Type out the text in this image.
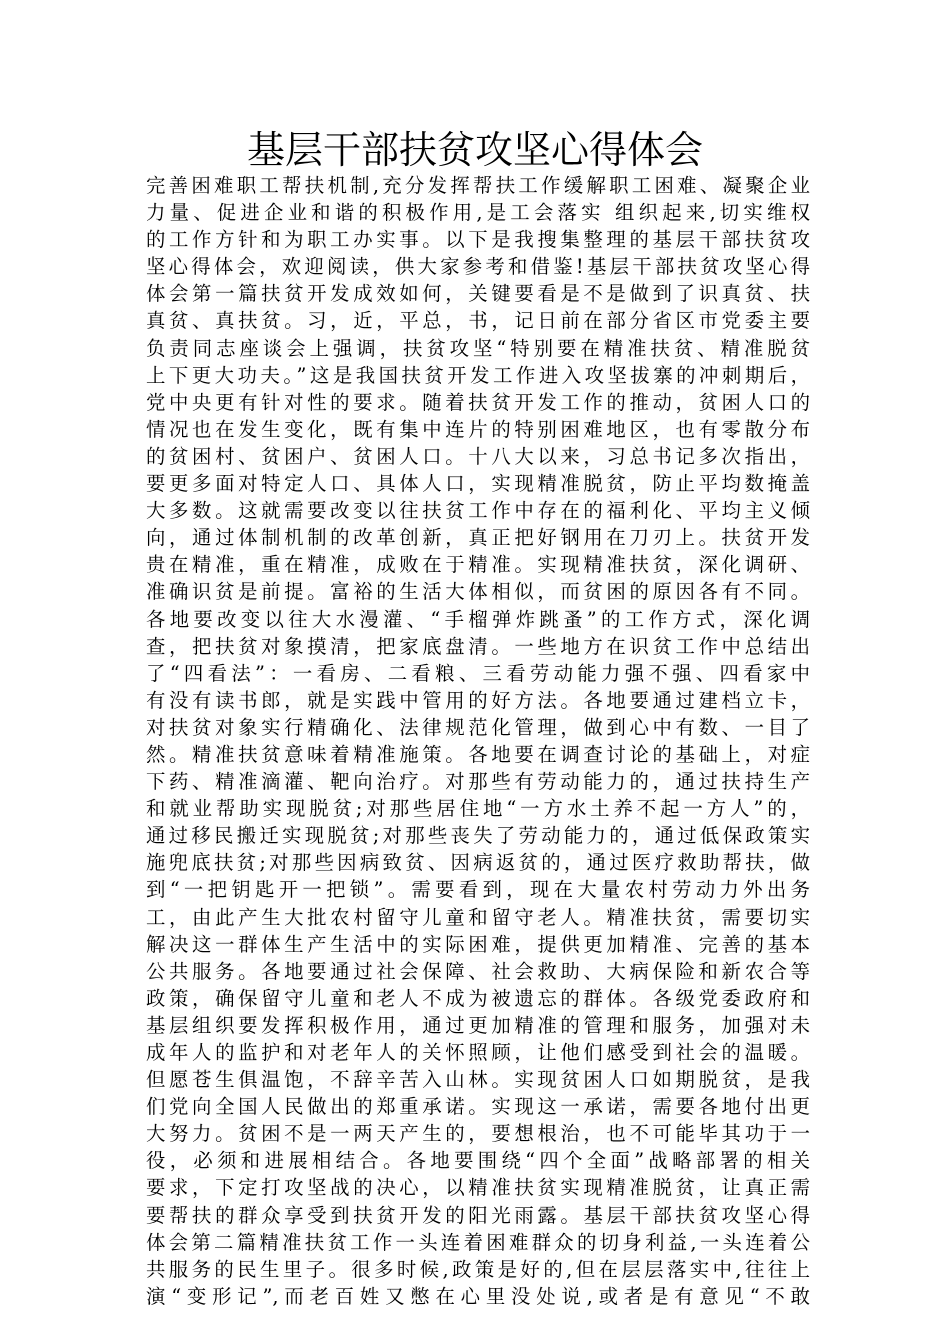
基层干部扶贫攻坚心得体会
完善困难职工帮扶机制,充分发挥帮扶工作缓解职工困难、凝聚企业
力量、促进企业和谐的积极作用,是工会落实 组织起来,切实维权
的工作方针和为职工办实事。以下是我搜集整理的基层干部扶贫攻
坚心得体会，欢迎阅读，供大家参考和借鉴!基层干部扶贫攻坚心得
体会第一篇扶贫开发成效如何，关键要看是不是做到了识真贫、扶
真贫、真扶贫。习，近，平总，书，记日前在部分省区市党委主要
负责同志座谈会上强调，扶贫攻坚“特别要在精准扶贫、精准脱贫
上下更大功夫。”这是我国扶贫开发工作进入攻坚拔寨的冲刺期后，
党中央更有针对性的要求。随着扶贫开发工作的推动，贫困人口的
情况也在发生变化，既有集中连片的特别困难地区，也有零散分布
的贫困村、贫困户、贫困人口。十八大以来，习总书记多次指出，
要更多面对特定人口、具体人口，实现精准脱贫，防止平均数掩盖
大多数。这就需要改变以往扶贫工作中存在的福利化、平均主义倾
向，通过体制机制的改革创新，真正把好钢用在刀刃上。扶贫开发
贵在精准，重在精准，成败在于精准。实现精准扶贫，深化调研、
准确识贫是前提。富裕的生活大体相似，而贫困的原因各有不同。
各地要改变以往大水漫灌、“手榴弹炸跳蚤”的工作方式，深化调
查，把扶贫对象摸清，把家底盘清。一些地方在识贫工作中总结出
了“四看法”：一看房、二看粮、三看劳动能力强不强、四看家中
有没有读书郎，就是实践中管用的好方法。各地要通过建档立卡，
对扶贫对象实行精确化、法律规范化管理，做到心中有数、一目了
然。精准扶贫意味着精准施策。各地要在调查讨论的基础上，对症
下药、精准滴灌、靶向治疗。对那些有劳动能力的，通过扶持生产
和就业帮助实现脱贫;对那些居住地“一方水土养不起一方人”的，
通过移民搬迁实现脱贫;对那些丧失了劳动能力的，通过低保政策实
施兜底扶贫;对那些因病致贫、因病返贫的，通过医疗救助帮扶，做
到“一把钥匙开一把锁”。需要看到，现在大量农村劳动力外出务
工，由此产生大批农村留守儿童和留守老人。精准扶贫，需要切实
解决这一群体生产生活中的实际困难，提供更加精准、完善的基本
公共服务。各地要通过社会保障、社会救助、大病保险和新农合等
政策，确保留守儿童和老人不成为被遗忘的群体。各级党委政府和
基层组织要发挥积极作用，通过更加精准的管理和服务，加强对未
成年人的监护和对老年人的关怀照顾，让他们感受到社会的温暖。
但愿苍生俱温饱，不辞辛苦入山林。实现贫困人口如期脱贫，是我
们党向全国人民做出的郑重承诺。实现这一承诺，需要各地付出更
大努力。贫困不是一两天产生的，要想根治，也不可能毕其功于一
役，必须和进展相结合。各地要围绕“四个全面”战略部署的相关
要求，下定打攻坚战的决心，以精准扶贫实现精准脱贫，让真正需
要帮扶的群众享受到扶贫开发的阳光雨露。基层干部扶贫攻坚心得
体会第二篇精准扶贫工作一头连着困难群众的切身利益,一头连着公
共服务的民生里子。很多时候,政策是好的,但在层层落实中,往往上
演“变形记”,而老百姓又憋在心里没处说,或者是有意见“不敢
